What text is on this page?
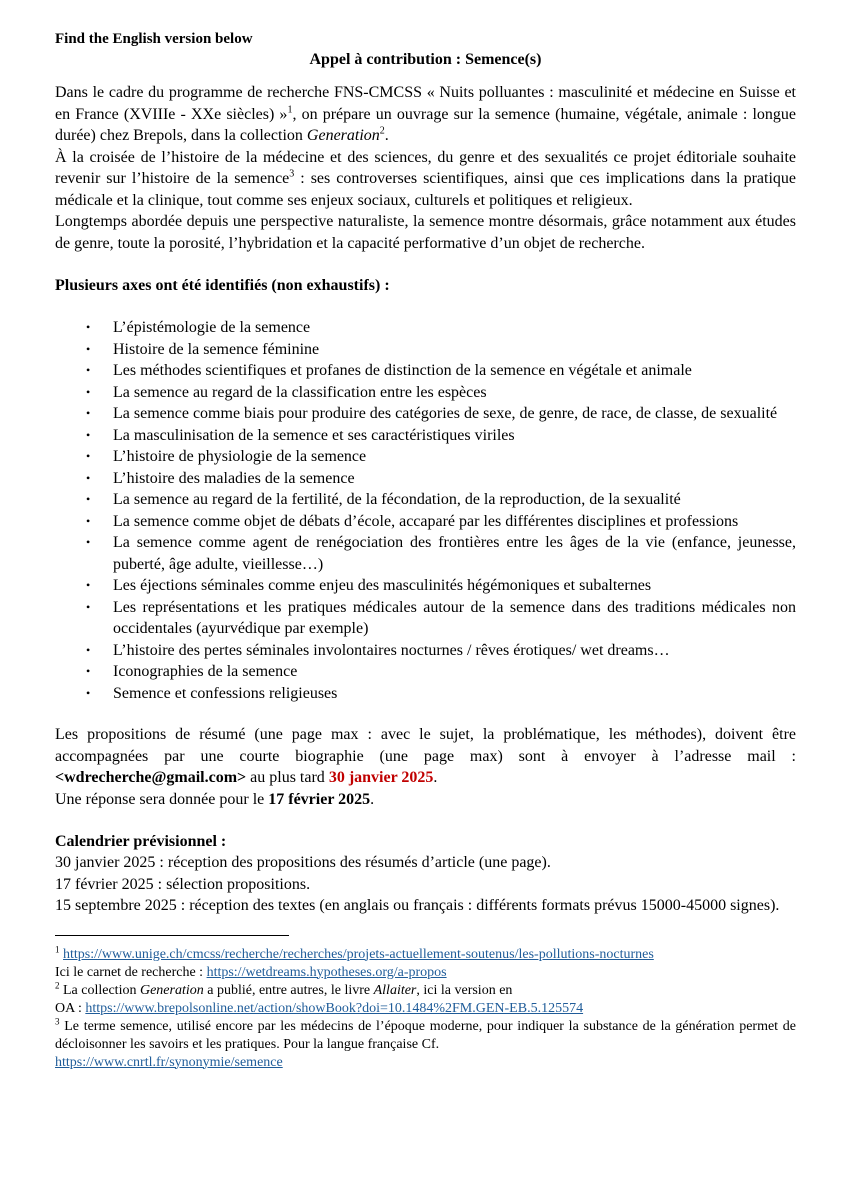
Find the English version below
Appel à contribution : Semence(s)

Dans le cadre du programme de recherche FNS-CMCSS « Nuits polluantes : masculinité et médecine en Suisse et en France (XVIIIe - XXe siècles) »$^1$, on prépare un ouvrage sur la semence (humaine, végétale, animale : longue durée) chez Brepols, dans la collection Generation$^2$.

À la croisée de l’histoire de la médecine et des sciences, du genre et des sexualités ce projet éditoriale souhaite revenir sur l’histoire de la semence$^3$ : ses controverses scientifiques, ainsi que ces implications dans la pratique médicale et la clinique, tout comme ses enjeux sociaux, culturels et politiques et religieux.

Longtemps abordée depuis une perspective naturaliste, la semence montre désormais, grâce notamment aux études de genre, toute la porosité, l’hybridation et la capacité performative d’un objet de recherche.

Plusieurs axes ont été identifiés (non exhaustifs) :
• L’épistémologie de la semence
• Histoire de la semence féminine
• Les méthodes scientifiques et profanes de distinction de la semence en végétale et animale
• La semence au regard de la classification entre les espèces
• La semence comme biais pour produire des catégories de sexe, de genre, de race, de classe, de sexualité
• La masculinisation de la semence et ses caractéristiques viriles
• L’histoire de physiologie de la semence
• L’histoire des maladies de la semence
• La semence au regard de la fertilité, de la fécondation, de la reproduction, de la sexualité
• La semence comme objet de débats d’école, accaparé par les différentes disciplines et professions
• La semence comme agent de renégociation des frontières entre les âges de la vie (enfance, jeunesse, puberté, âge adulte, vieillesse…)
• Les éjections séminales comme enjeu des masculinités hégémoniques et subalternes
• Les représentations et les pratiques médicales autour de la semence dans des traditions médicales non occidentales (ayurvédique par exemple)
• L’histoire des pertes séminales involontaires nocturnes / rêves érotiques/ wet dreams…
• Iconographies de la semence
• Semence et confessions religieuses

Les propositions de résumé (une page max : avec le sujet, la problématique, les méthodes), doivent être accompagnées par une courte biographie (une page max) sont à envoyer à l’adresse mail : <wdrecherche@gmail.com> au plus tard 30 janvier 2025.

Une réponse sera donnée pour le 17 février 2025.

Calendrier prévisionnel :

30 janvier 2025 : réception des propositions des résumés d’article (une page).

17 février 2025 : sélection propositions.

15 septembre 2025 : réception des textes (en anglais ou français : différents formats prévus 15000-45000 signes).

$^1$ https://www.unige.ch/cmcss/recherche/recherches/projets-actuellement-soutenus/les-pollutions-nocturnes

Ici le carnet de recherche : https://wetdreams.hypotheses.org/a-propos

$^2$ La collection Generation a publié, entre autres, le livre Allaiter, ici la version en

OA : https://www.brepolsonline.net/action/showBook?doi=10.1484%2FM.GEN-EB.5.125574

$^3$ Le terme semence, utilisé encore par les médecins de l’époque moderne, pour indiquer la substance de la génération permet de décloisonner les savoirs et les pratiques. Pour la langue française Cf.

https://www.cnrtl.fr/synonymie/semence
